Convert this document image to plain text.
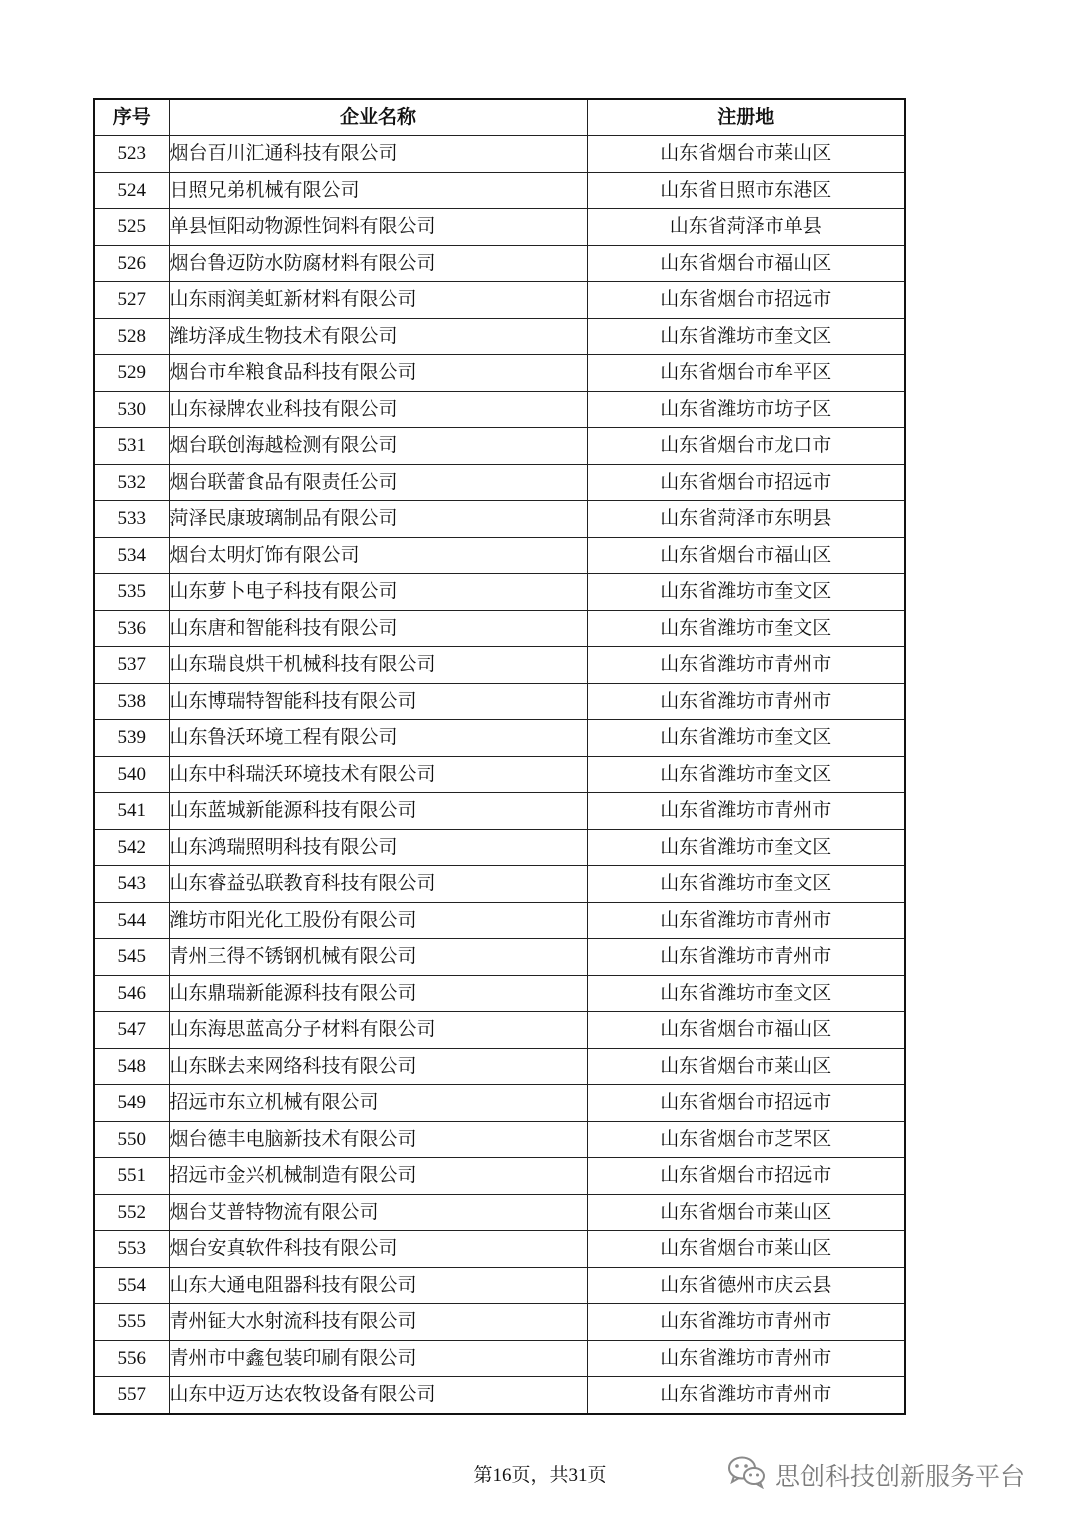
序号	企业名称	注册地
523	烟台百川汇通科技有限公司	山东省烟台市莱山区
524	日照兄弟机械有限公司	山东省日照市东港区
525	单县恒阳动物源性饲料有限公司	山东省菏泽市单县
526	烟台鲁迈防水防腐材料有限公司	山东省烟台市福山区
527	山东雨润美虹新材料有限公司	山东省烟台市招远市
528	潍坊泽成生物技术有限公司	山东省潍坊市奎文区
529	烟台市牟粮食品科技有限公司	山东省烟台市牟平区
530	山东禄牌农业科技有限公司	山东省潍坊市坊子区
531	烟台联创海越检测有限公司	山东省烟台市龙口市
532	烟台联蕾食品有限责任公司	山东省烟台市招远市
533	菏泽民康玻璃制品有限公司	山东省菏泽市东明县
534	烟台太明灯饰有限公司	山东省烟台市福山区
535	山东萝卜电子科技有限公司	山东省潍坊市奎文区
536	山东唐和智能科技有限公司	山东省潍坊市奎文区
537	山东瑞良烘干机械科技有限公司	山东省潍坊市青州市
538	山东博瑞特智能科技有限公司	山东省潍坊市青州市
539	山东鲁沃环境工程有限公司	山东省潍坊市奎文区
540	山东中科瑞沃环境技术有限公司	山东省潍坊市奎文区
541	山东蓝城新能源科技有限公司	山东省潍坊市青州市
542	山东鸿瑞照明科技有限公司	山东省潍坊市奎文区
543	山东睿益弘联教育科技有限公司	山东省潍坊市奎文区
544	潍坊市阳光化工股份有限公司	山东省潍坊市青州市
545	青州三得不锈钢机械有限公司	山东省潍坊市青州市
546	山东鼎瑞新能源科技有限公司	山东省潍坊市奎文区
547	山东海思蓝高分子材料有限公司	山东省烟台市福山区
548	山东眯去来网络科技有限公司	山东省烟台市莱山区
549	招远市东立机械有限公司	山东省烟台市招远市
550	烟台德丰电脑新技术有限公司	山东省烟台市芝罘区
551	招远市金兴机械制造有限公司	山东省烟台市招远市
552	烟台艾普特物流有限公司	山东省烟台市莱山区
553	烟台安真软件科技有限公司	山东省烟台市莱山区
554	山东大通电阻器科技有限公司	山东省德州市庆云县
555	青州钲大水射流科技有限公司	山东省潍坊市青州市
556	青州市中鑫包装印刷有限公司	山东省潍坊市青州市
557	山东中迈万达农牧设备有限公司	山东省潍坊市青州市
第16页，共31页	思创科技创新服务平台
